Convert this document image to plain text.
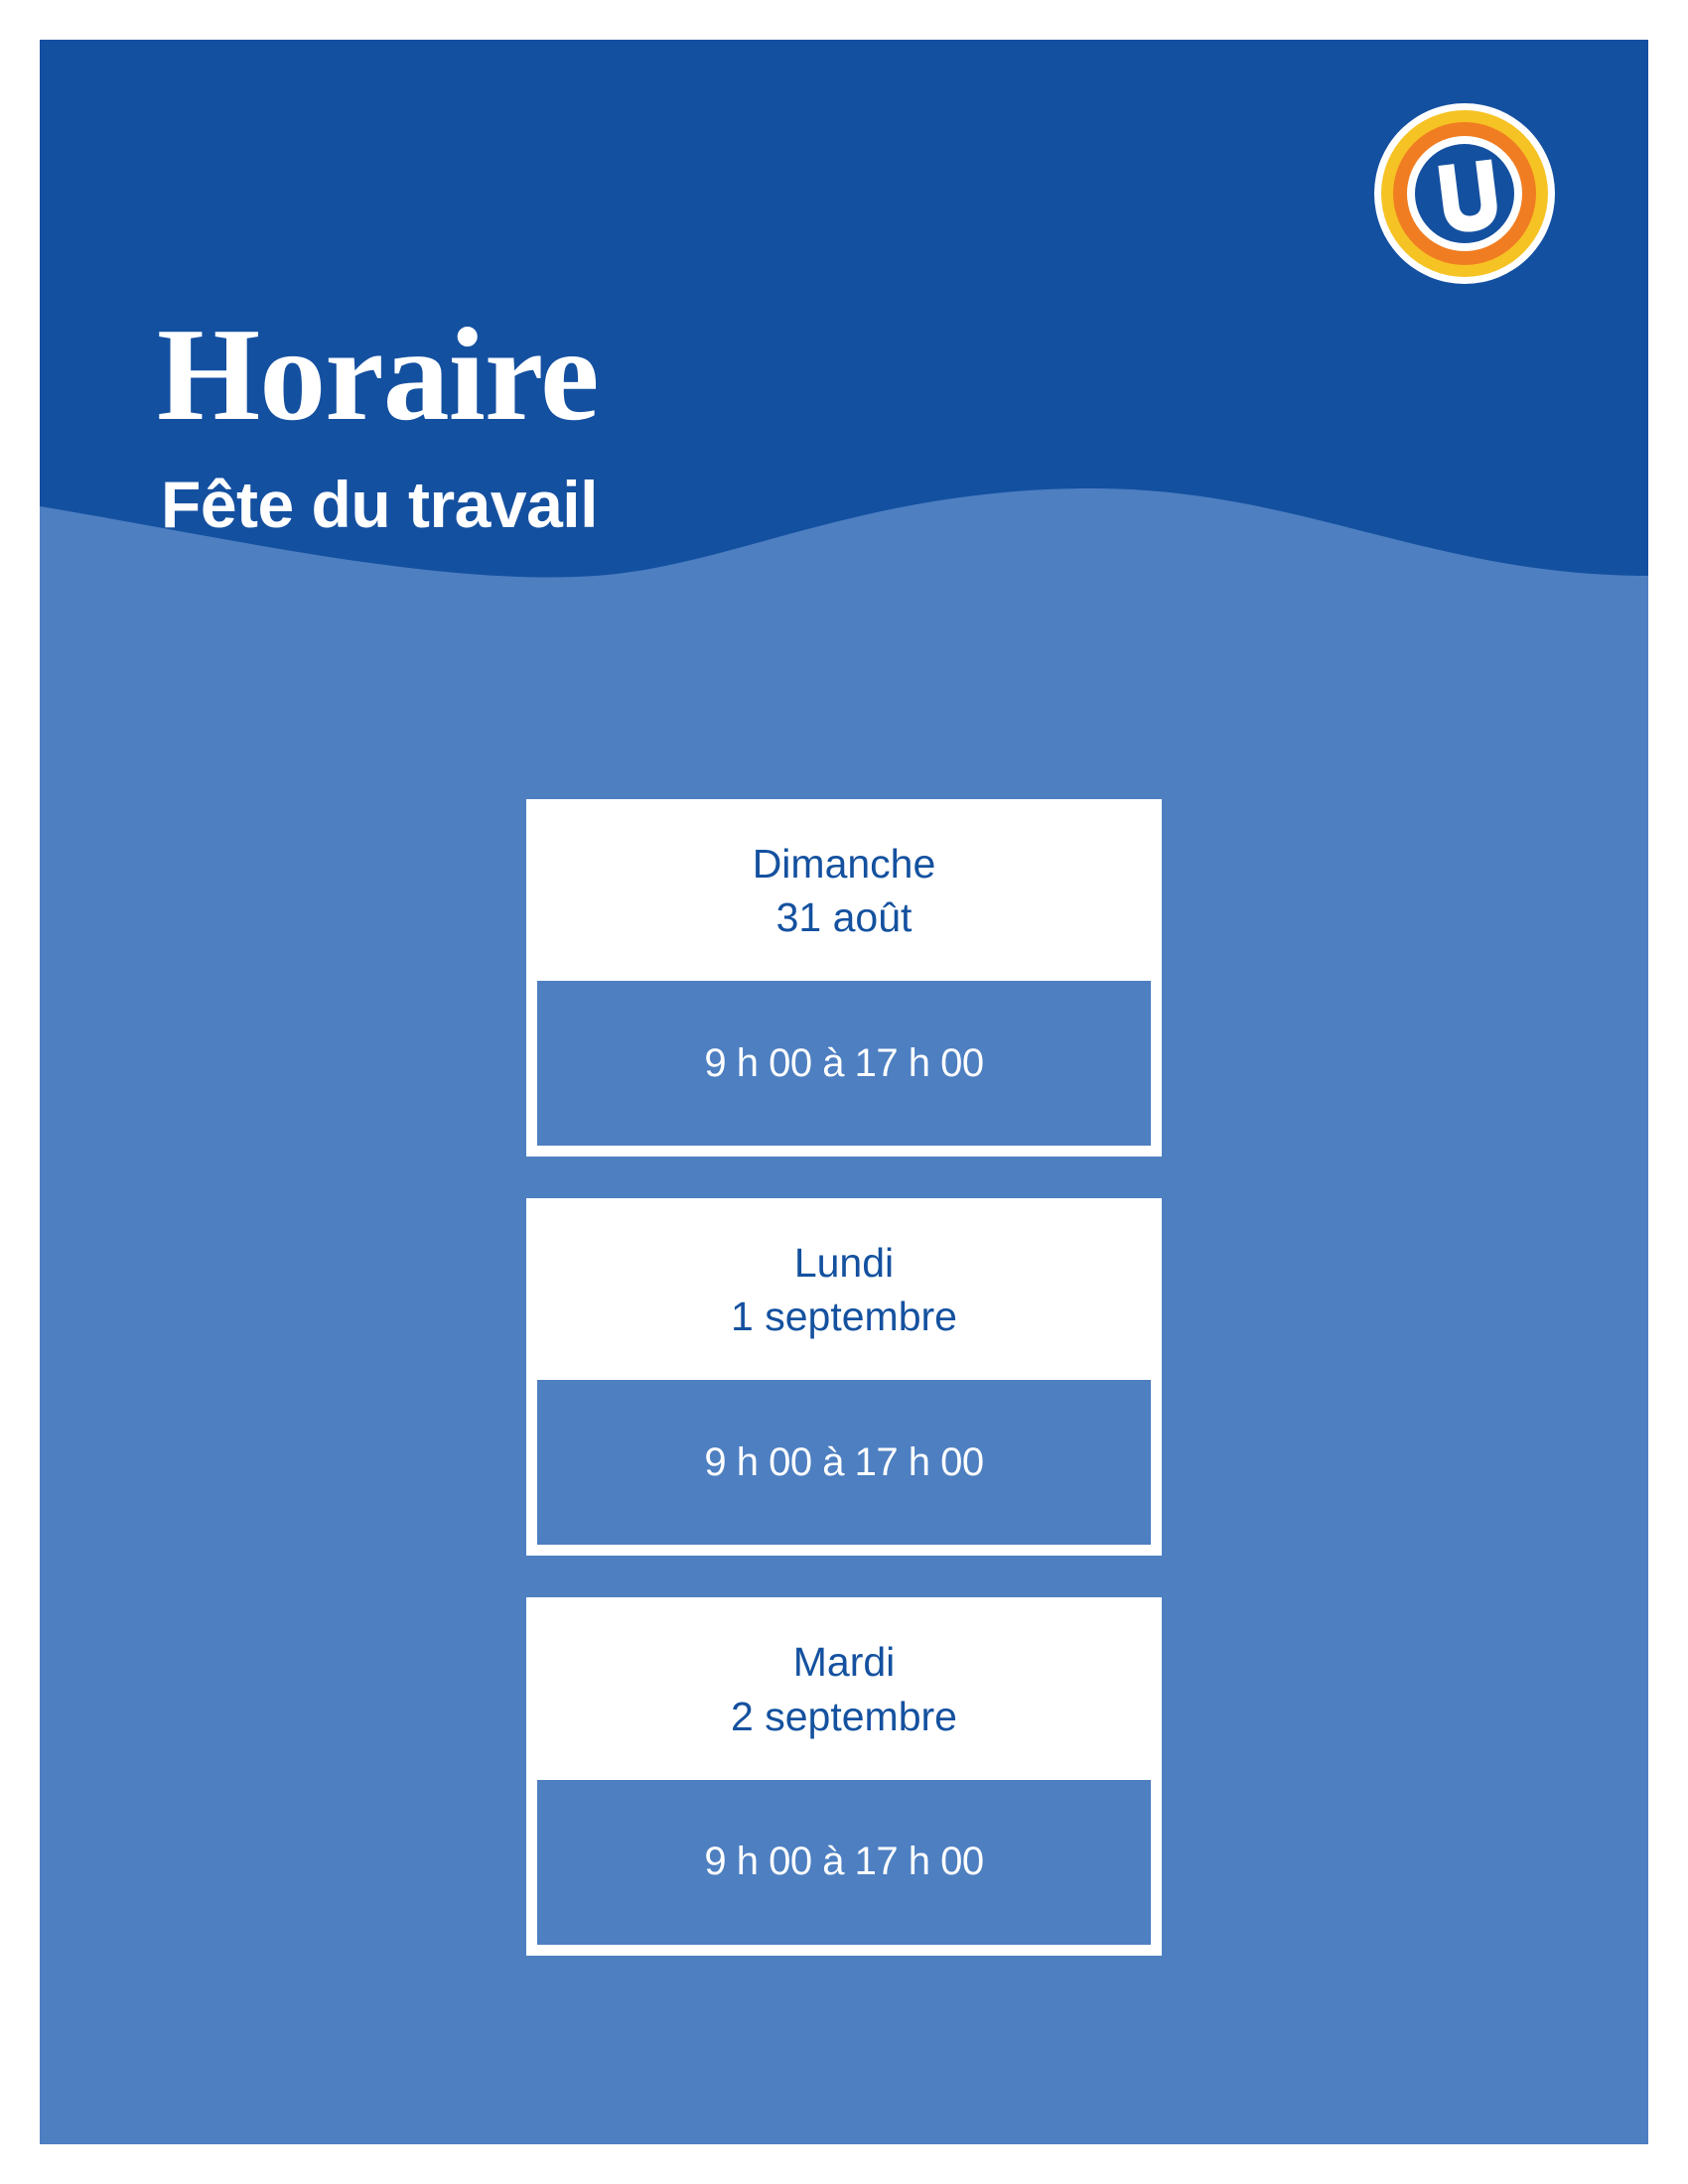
Horaire
Fête du travail
Dimanche
31 août
9 h 00 à 17 h 00
Lundi
1 septembre
9 h 00 à 17 h 00
Mardi
2 septembre
9 h 00 à 17 h 00
